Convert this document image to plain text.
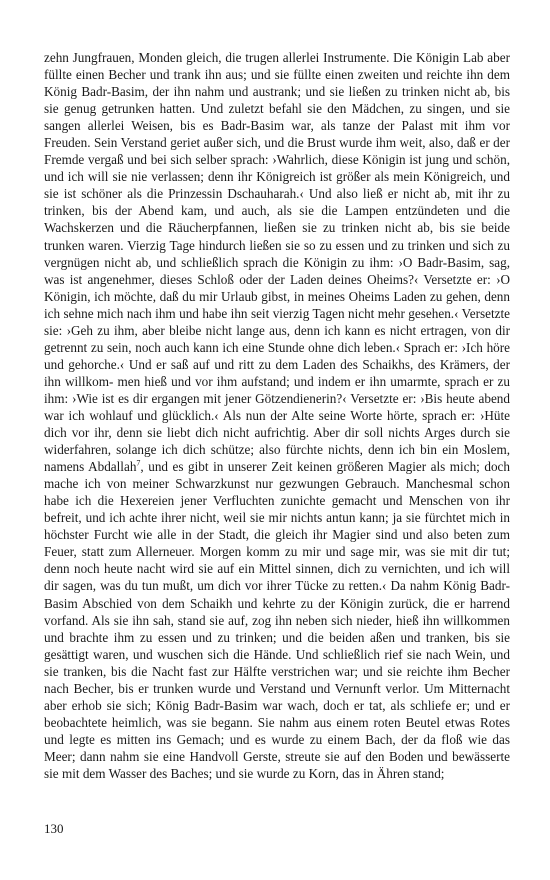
zehn Jungfrauen, Monden gleich, die trugen allerlei Instrumente. Die Königin Lab aber füllte einen Becher und trank ihn aus; und sie füllte einen zweiten und reichte ihn dem König Badr-Basim, der ihn nahm und austrank; und sie ließen zu trinken nicht ab, bis sie genug getrunken hatten. Und zuletzt befahl sie den Mädchen, zu singen, und sie sangen allerlei Weisen, bis es Badr-Basim war, als tanze der Palast mit ihm vor Freuden. Sein Verstand geriet außer sich, und die Brust wurde ihm weit, also, daß er der Fremde vergaß und bei sich selber sprach: ›Wahrlich, diese Königin ist jung und schön, und ich will sie nie verlassen; denn ihr Königreich ist größer als mein Königreich, und sie ist schöner als die Prinzessin Dschauharah.‹ Und also ließ er nicht ab, mit ihr zu trinken, bis der Abend kam, und auch, als sie die Lampen entzündeten und die Wachskerzen und die Räucherpfannen, ließen sie zu trinken nicht ab, bis sie beide trunken waren. Vierzig Tage hindurch ließen sie so zu essen und zu trinken und sich zu vergnügen nicht ab, und schließlich sprach die Königin zu ihm: ›O Badr-Basim, sag, was ist angenehmer, dieses Schloß oder der Laden deines Oheims?‹ Versetzte er: ›O Königin, ich möchte, daß du mir Urlaub gibst, in meines Oheims Laden zu gehen, denn ich sehne mich nach ihm und habe ihn seit vierzig Tagen nicht mehr gesehen.‹ Versetzte sie: ›Geh zu ihm, aber bleibe nicht lange aus, denn ich kann es nicht ertragen, von dir getrennt zu sein, noch auch kann ich eine Stunde ohne dich leben.‹ Sprach er: ›Ich höre und gehorche.‹ Und er saß auf und ritt zu dem Laden des Schaikhs, des Krämers, der ihn willkom- men hieß und vor ihm aufstand; und indem er ihn umarmte, sprach er zu ihm: ›Wie ist es dir ergangen mit jener Götzendienerin?‹ Versetzte er: ›Bis heute abend war ich wohlauf und glücklich.‹ Als nun der Alte seine Worte hörte, sprach er: ›Hüte dich vor ihr, denn sie liebt dich nicht aufrichtig. Aber dir soll nichts Arges durch sie widerfahren, solange ich dich schütze; also fürchte nichts, denn ich bin ein Moslem, namens Abdallah$^7$, und es gibt in unserer Zeit keinen größeren Magier als mich; doch mache ich von meiner Schwarzkunst nur gezwungen Gebrauch. Manchesmal schon habe ich die Hexereien jener Verfluchten zunichte gemacht und Menschen von ihr befreit, und ich achte ihrer nicht, weil sie mir nichts antun kann; ja sie fürchtet mich in höchster Furcht wie alle in der Stadt, die gleich ihr Magier sind und also beten zum Feuer, statt zum Allerneuer. Morgen komm zu mir und sage mir, was sie mit dir tut; denn noch heute nacht wird sie auf ein Mittel sinnen, dich zu vernichten, und ich will dir sagen, was du tun mußt, um dich vor ihrer Tücke zu retten.‹ Da nahm König Badr-Basim Abschied von dem Schaikh und kehrte zu der Königin zurück, die er harrend vorfand. Als sie ihn sah, stand sie auf, zog ihn neben sich nieder, hieß ihn willkommen und brachte ihm zu essen und zu trinken; und die beiden aßen und tranken, bis sie gesättigt waren, und wuschen sich die Hände. Und schließlich rief sie nach Wein, und sie tranken, bis die Nacht fast zur Hälfte verstrichen war; und sie reichte ihm Becher nach Becher, bis er trunken wurde und Verstand und Vernunft verlor. Um Mitternacht aber erhob sie sich; König Badr-Basim war wach, doch er tat, als schliefe er; und er beobachtete heimlich, was sie begann. Sie nahm aus einem roten Beutel etwas Rotes und legte es mitten ins Gemach; und es wurde zu einem Bach, der da floß wie das Meer; dann nahm sie eine Handvoll Gerste, streute sie auf den Boden und bewässerte sie mit dem Wasser des Baches; und sie wurde zu Korn, das in Ähren stand;

130
